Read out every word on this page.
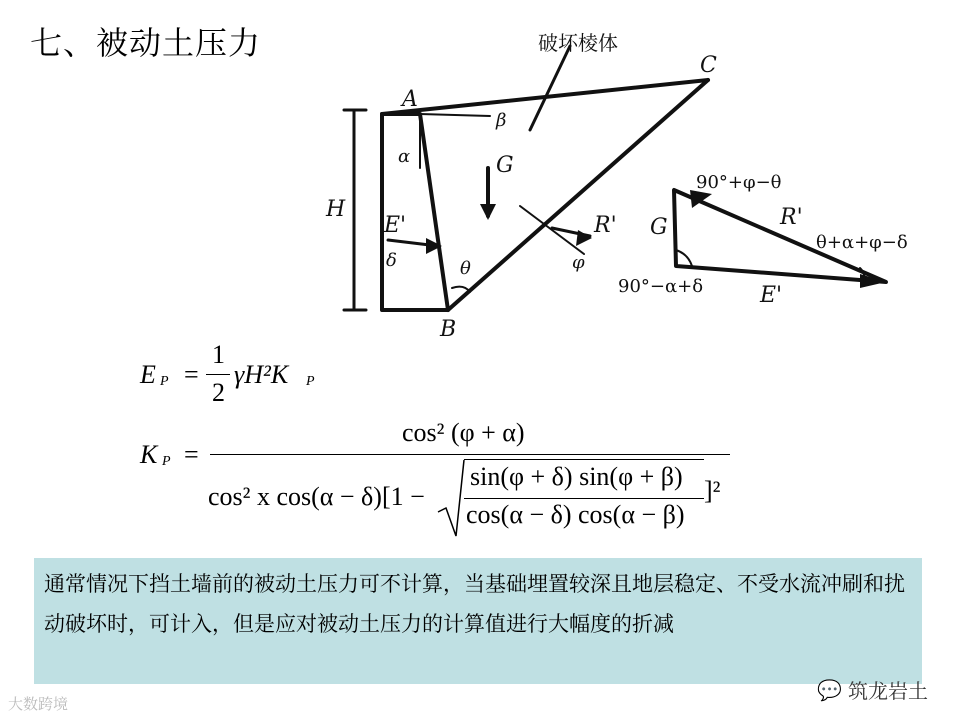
七、被动土压力	破坏棱体
A
B
C
H
G
E'	R'
α
β
δ	θ	φ
G	R'
E'
90°+φ−θ
θ+α+φ−δ
90°−α+δ
E P =
1
2
γH²K P
K P =
cos² (φ + α)
cos² x cos(α − δ)[1 −
sin(φ + δ) sin(φ + β)
cos(α − δ) cos(α − β)
]²
通常情况下挡土墙前的被动土压力可不计算，当基础埋置较深且地层稳定、不受水流冲刷和扰动破坏时，可计入，但是应对被动土压力的计算值进行大幅度的折减
大数跨境
💬 筑龙岩土
